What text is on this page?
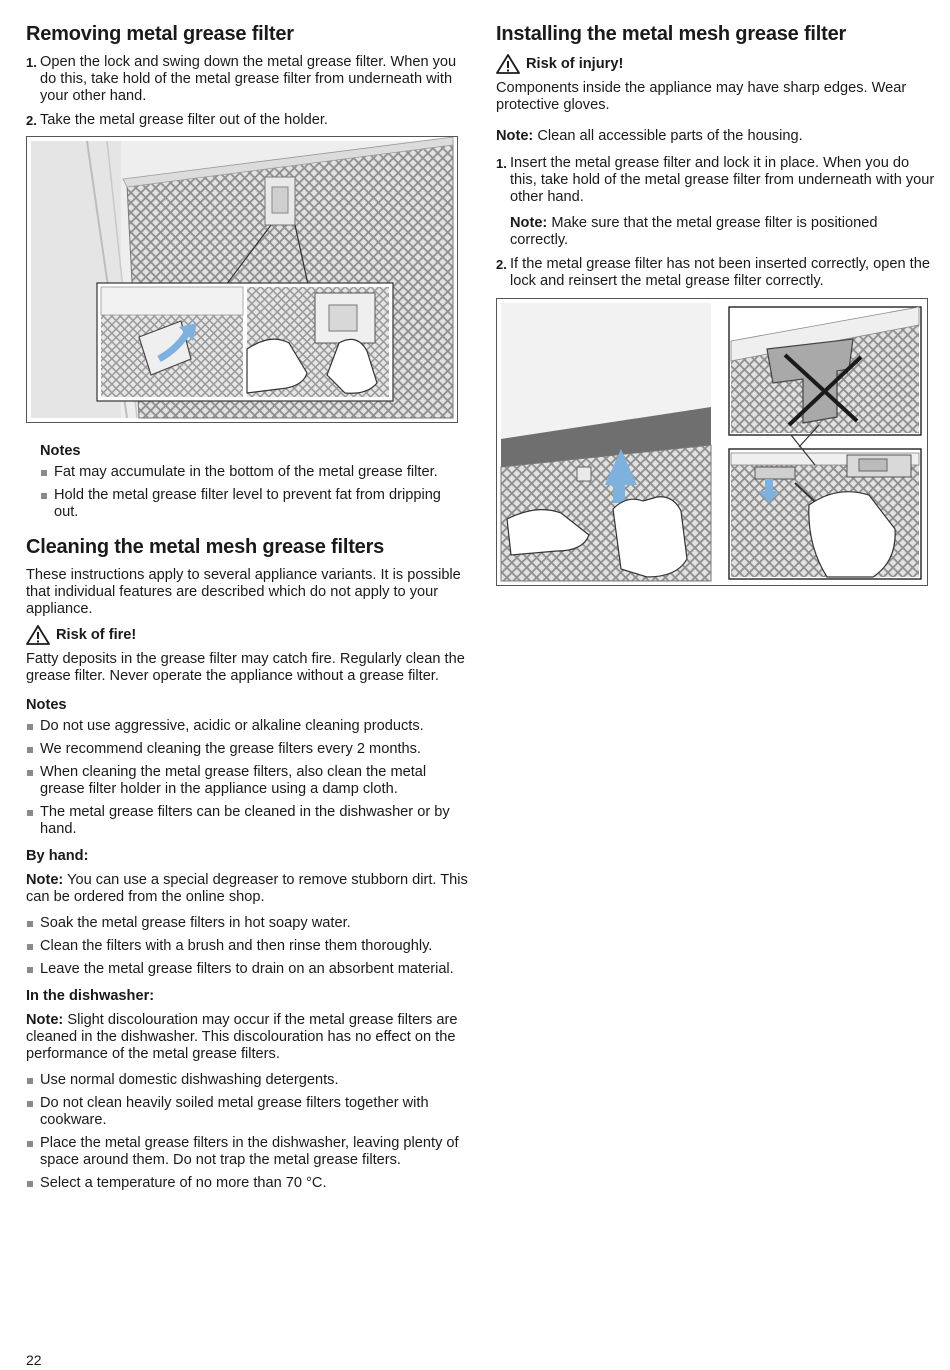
Removing metal grease filter
1. Open the lock and swing down the metal grease filter. When you do this, take hold of the metal grease filter from underneath with your other hand.
2. Take the metal grease filter out of the holder.
Notes
Fat may accumulate in the bottom of the metal grease filter.
Hold the metal grease filter level to prevent fat from dripping out.
Cleaning the metal mesh grease filters

These instructions apply to several appliance variants. It is possible that individual features are described which do not apply to your appliance.

Risk of fire!

Fatty deposits in the grease filter may catch fire. Regularly clean the grease filter. Never operate the appliance without a grease filter.

Notes
Do not use aggressive, acidic or alkaline cleaning products.
We recommend cleaning the grease filters every 2 months.
When cleaning the metal grease filters, also clean the metal grease filter holder in the appliance using a damp cloth.
The metal grease filters can be cleaned in the dishwasher or by hand.
By hand:

Note: You can use a special degreaser to remove stubborn dirt. This can be ordered from the online shop.

Soak the metal grease filters in hot soapy water.
Clean the filters with a brush and then rinse them thoroughly.
Leave the metal grease filters to drain on an absorbent material.
In the dishwasher:

Note: Slight discolouration may occur if the metal grease filters are cleaned in the dishwasher. This discolouration has no effect on the performance of the metal grease filters.

Use normal domestic dishwashing detergents.
Do not clean heavily soiled metal grease filters together with cookware.
Place the metal grease filters in the dishwasher, leaving plenty of space around them. Do not trap the metal grease filters.
Select a temperature of no more than 70 °C.
Installing the metal mesh grease filter
Risk of injury!

Components inside the appliance may have sharp edges. Wear protective gloves.

Note: Clean all accessible parts of the housing.

1. Insert the metal grease filter and lock it in place. When you do this, take hold of the metal grease filter from underneath with your other hand.
Note: Make sure that the metal grease filter is positioned correctly.
2. If the metal grease filter has not been inserted correctly, open the lock and reinsert the metal grease filter correctly.
22
